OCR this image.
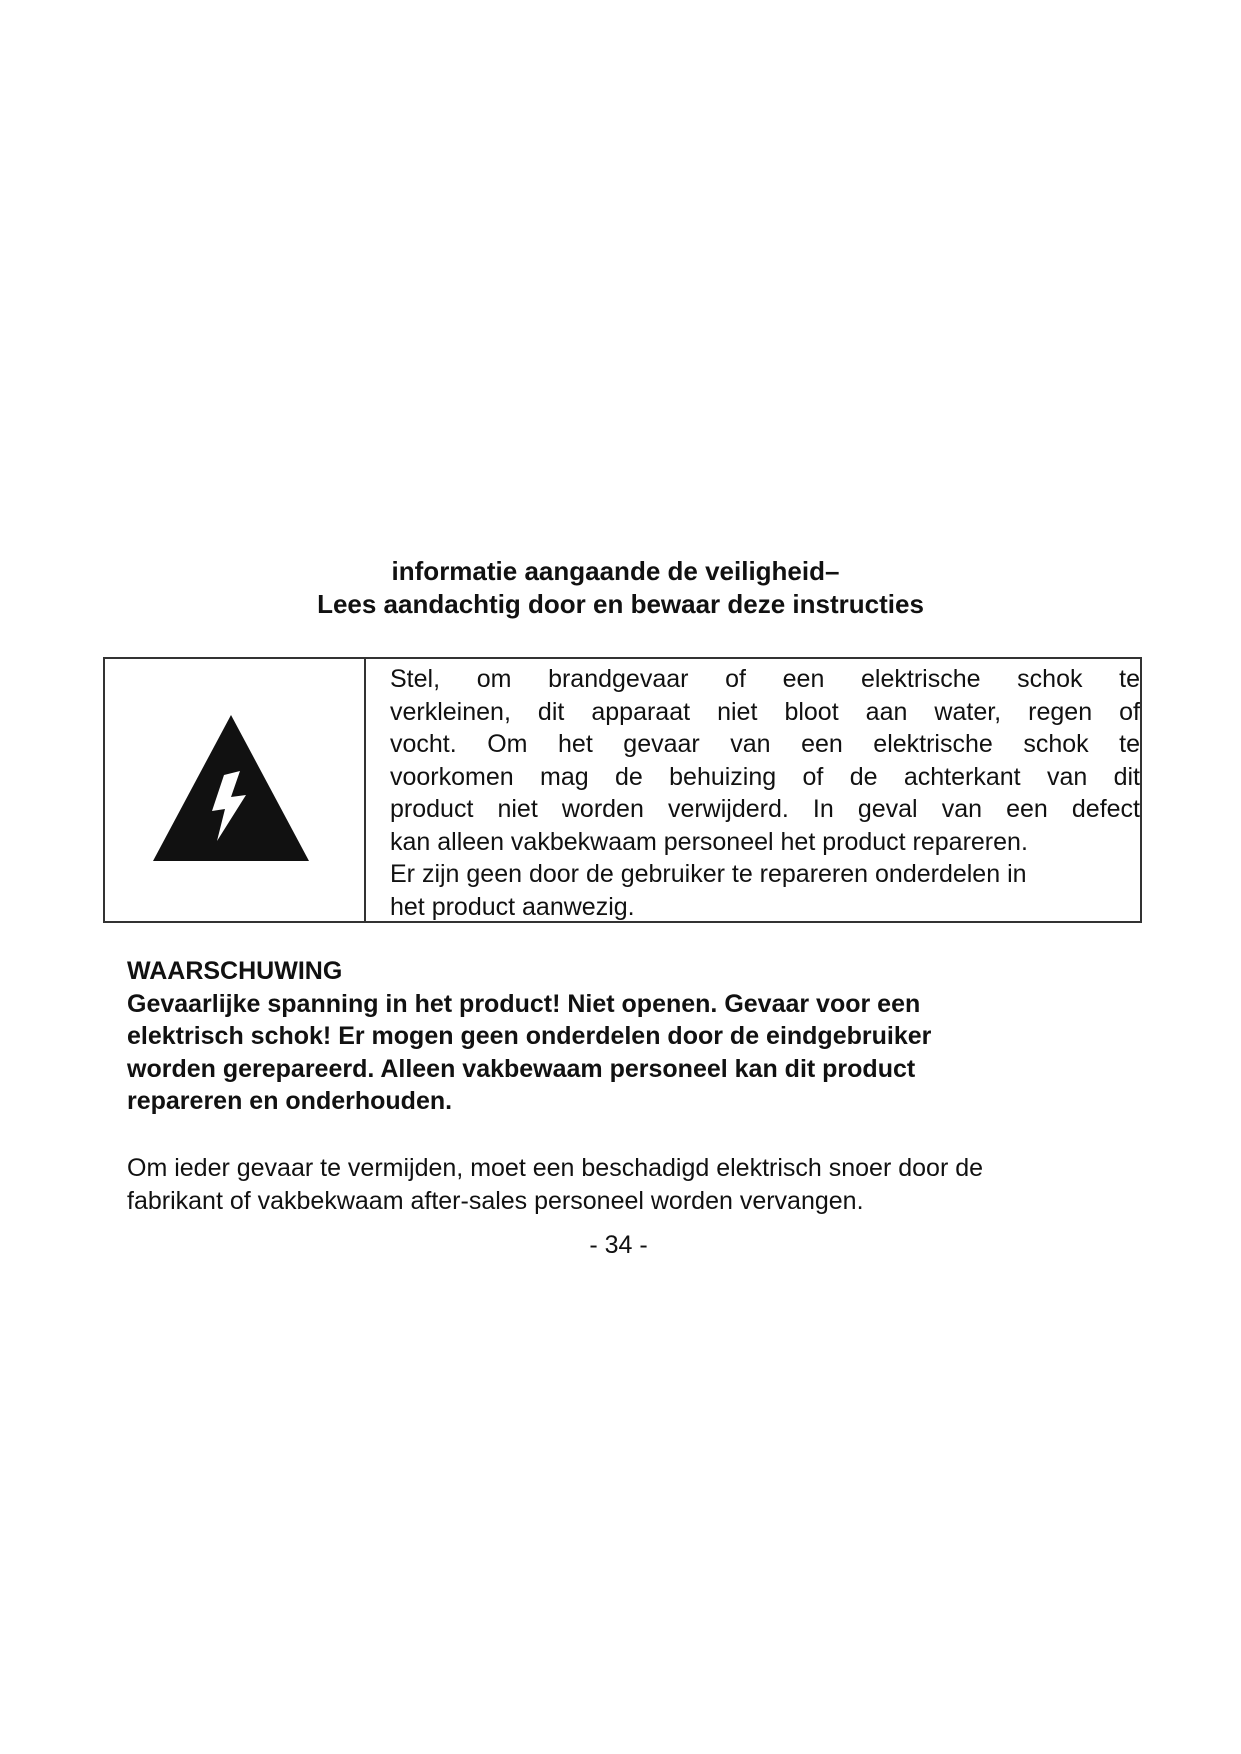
informatie aangaande de veiligheid–
Lees aandachtig door en bewaar deze instructies
Stel, om brandgevaar of een elektrische schok te
verkleinen, dit apparaat niet bloot aan water, regen of
vocht. Om het gevaar van een elektrische schok te
voorkomen mag de behuizing of de achterkant van dit
product niet worden verwijderd. In geval van een defect
kan alleen vakbekwaam personeel het product repareren.
Er zijn geen door de gebruiker te repareren onderdelen in
het product aanwezig.
WAARSCHUWING
Gevaarlijke spanning in het product! Niet openen. Gevaar voor een
elektrisch schok! Er mogen geen onderdelen door de eindgebruiker
worden gerepareerd. Alleen vakbewaam personeel kan dit product
repareren en onderhouden.
Om ieder gevaar te vermijden, moet een beschadigd elektrisch snoer door de
fabrikant of vakbekwaam after-sales personeel worden vervangen.
- 34 -
